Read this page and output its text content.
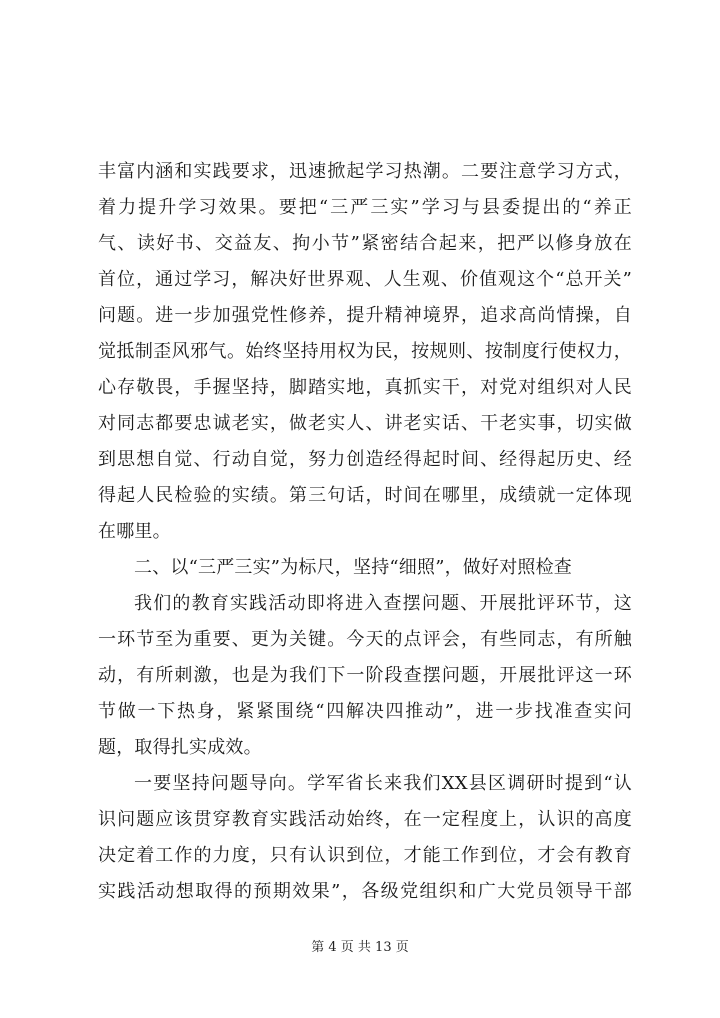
丰富内涵和实践要求，迅速掀起学习热潮。二要注意学习方式，
着力提升学习效果。要把“三严三实”学习与县委提出的“养正
气、读好书、交益友、拘小节”紧密结合起来，把严以修身放在
首位，通过学习，解决好世界观、人生观、价值观这个“总开关”
问题。进一步加强党性修养，提升精神境界，追求高尚情操，自
觉抵制歪风邪气。始终坚持用权为民，按规则、按制度行使权力，
心存敬畏，手握坚持，脚踏实地，真抓实干，对党对组织对人民
对同志都要忠诚老实，做老实人、讲老实话、干老实事，切实做
到思想自觉、行动自觉，努力创造经得起时间、经得起历史、经
得起人民检验的实绩。第三句话，时间在哪里，成绩就一定体现
在哪里。
二、以“三严三实”为标尺，坚持“细照”，做好对照检查
我们的教育实践活动即将进入查摆问题、开展批评环节，这
一环节至为重要、更为关键。今天的点评会，有些同志，有所触
动，有所刺激，也是为我们下一阶段查摆问题，开展批评这一环
节做一下热身，紧紧围绕“四解决四推动”，进一步找准查实问
题，取得扎实成效。
一要坚持问题导向。学军省长来我们XX县区调研时提到“认
识问题应该贯穿教育实践活动始终，在一定程度上，认识的高度
决定着工作的力度，只有认识到位，才能工作到位，才会有教育
实践活动想取得的预期效果”，各级党组织和广大党员领导干部
第 4 页 共 13 页
